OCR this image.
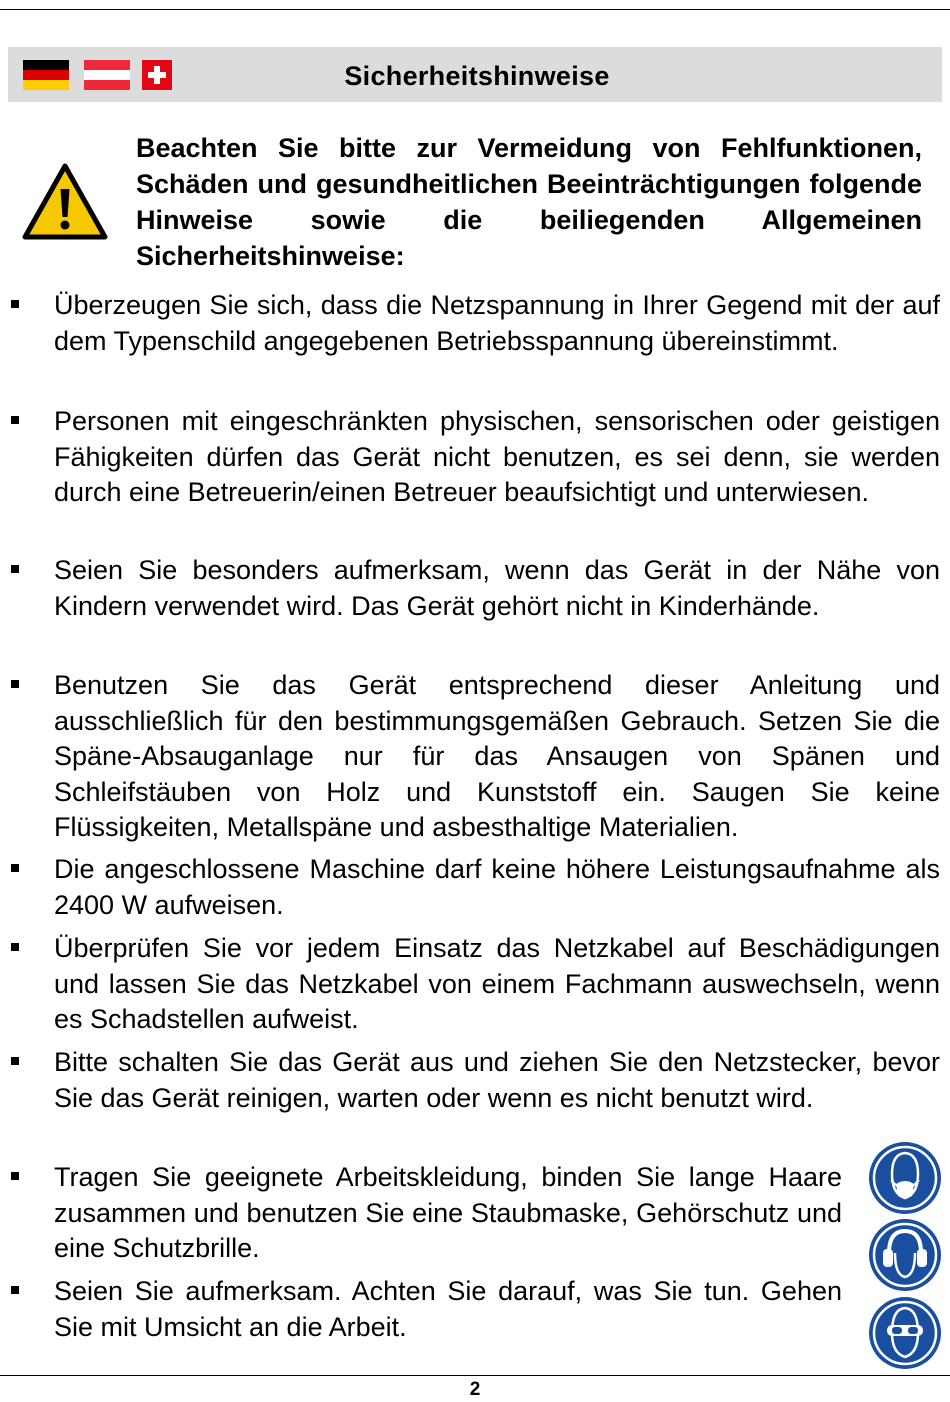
Sicherheitshinweise
Beachten Sie bitte zur Vermeidung von Fehlfunktionen, Schäden und gesundheitlichen Beeinträchtigungen folgende Hinweise sowie die beiliegenden Allgemeinen Sicherheitshinweise:
Überzeugen Sie sich, dass die Netzspannung in Ihrer Gegend mit der auf dem Typenschild angegebenen Betriebsspannung übereinstimmt.
Personen mit eingeschränkten physischen, sensorischen oder geistigen Fähigkeiten dürfen das Gerät nicht benutzen, es sei denn, sie werden durch eine Betreuerin/einen Betreuer beaufsichtigt und unterwiesen.
Seien Sie besonders aufmerksam, wenn das Gerät in der Nähe von Kindern verwendet wird. Das Gerät gehört nicht in Kinderhände.
Benutzen Sie das Gerät entsprechend dieser Anleitung und ausschließlich für den bestimmungsgemäßen Gebrauch. Setzen Sie die Späne-Absauganlage nur für das Ansaugen von Spänen und Schleifstäuben von Holz und Kunststoff ein. Saugen Sie keine Flüssigkeiten, Metallspäne und asbesthaltige Materialien.
Die angeschlossene Maschine darf keine höhere Leistungsaufnahme als 2400 W aufweisen.
Überprüfen Sie vor jedem Einsatz das Netzkabel auf Beschädigungen und lassen Sie das Netzkabel von einem Fachmann auswechseln, wenn es Schadstellen aufweist.
Bitte schalten Sie das Gerät aus und ziehen Sie den Netzstecker, bevor Sie das Gerät reinigen, warten oder wenn es nicht benutzt wird.
Tragen Sie geeignete Arbeitskleidung, binden Sie lange Haare zusammen und benutzen Sie eine Staubmaske, Gehörschutz und eine Schutzbrille.
Seien Sie aufmerksam. Achten Sie darauf, was Sie tun. Gehen Sie mit Umsicht an die Arbeit.
2
